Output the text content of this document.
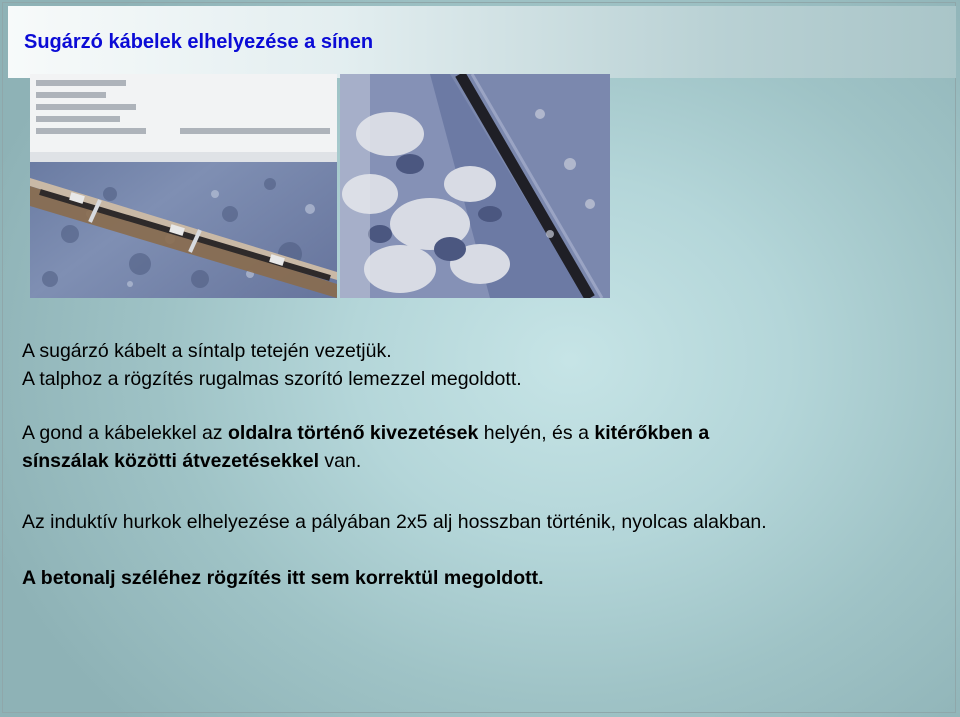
Sugárzó kábelek elhelyezése a sínen

A sugárzó kábelt a síntalp tetején vezetjük.
A talphoz a rögzítés rugalmas szorító lemezzel megoldott.

A gond a kábelekkel az oldalra történő kivezetések helyén, és a kitérőkben a
sínszálak közötti átvezetésekkel van.

Az induktív hurkok elhelyezése a pályában 2x5 alj hosszban történik, nyolcas alakban.

A betonalj széléhez rögzítés itt sem korrektül megoldott.
